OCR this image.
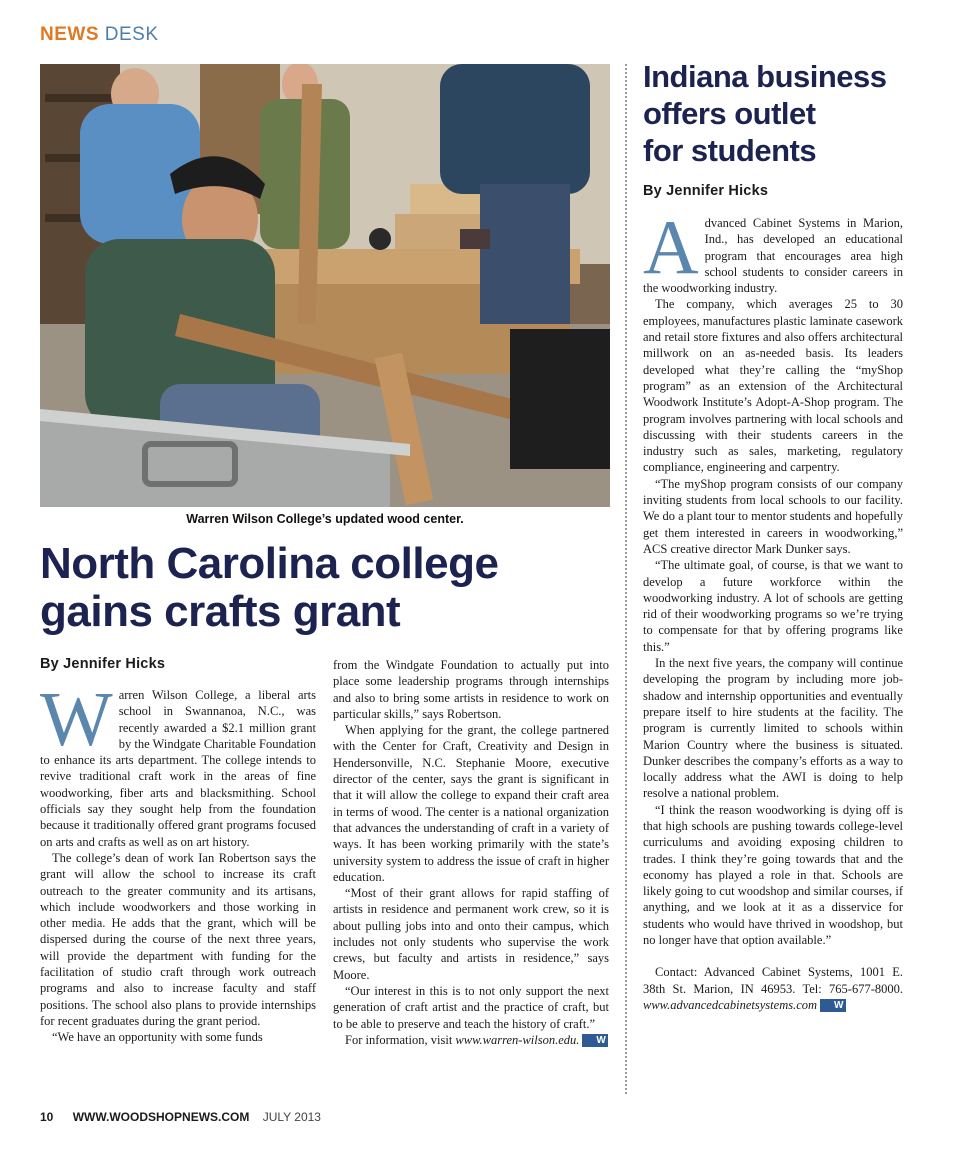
NEWS DESK
Warren Wilson College’s updated wood center.
North Carolina college
gains crafts grant
By Jennifer Hicks

Warren Wilson College, a liberal arts school in Swannanoa, N.C., was recently awarded a $2.1 million grant by the Windgate Charitable Foundation to enhance its arts department. The college intends to revive traditional craft work in the areas of fine woodworking, fiber arts and blacksmithing. School officials say they sought help from the foundation because it traditionally offered grant programs focused on arts and crafts as well as on art history.

The college’s dean of work Ian Robertson says the grant will allow the school to increase its craft outreach to the greater community and its artisans, which include woodworkers and those working in other media. He adds that the grant, which will be dispersed during the course of the next three years, will provide the department with funding for the facilitation of studio craft through work outreach programs and also to increase faculty and staff positions. The school also plans to provide internships for recent graduates during the grant period.

“We have an opportunity with some funds

from the Windgate Foundation to actually put into place some leadership programs through internships and also to bring some artists in residence to work on particular skills,” says Robertson.

When applying for the grant, the college partnered with the Center for Craft, Creativity and Design in Hendersonville, N.C. Stephanie Moore, executive director of the center, says the grant is significant in that it will allow the college to expand their craft area in terms of wood. The center is a national organization that advances the understanding of craft in a variety of ways. It has been working primarily with the state’s university system to address the issue of craft in higher education.

“Most of their grant allows for rapid staffing of artists in residence and permanent work crew, so it is about pulling jobs into and onto their campus, which includes not only students who supervise the work crews, but faculty and artists in residence,” says Moore.

“Our interest in this is to not only support the next generation of craft artist and the practice of craft, but to be able to preserve and teach the history of craft.”

For information, visit www.warren-wilson.edu. W

Indiana business
offers outlet
for students
By Jennifer Hicks

Advanced Cabinet Systems in Marion, Ind., has developed an educational program that encourages area high school students to consider careers in the woodworking industry.

The company, which averages 25 to 30 employees, manufactures plastic laminate casework and retail store fixtures and also offers architectural millwork on an as-needed basis. Its leaders developed what they’re calling the “myShop program” as an extension of the Architectural Woodwork Institute’s Adopt-A-Shop program. The program involves partnering with local schools and discussing with their students careers in the industry such as sales, marketing, regulatory compliance, engineering and carpentry.

“The myShop program consists of our company inviting students from local schools to our facility. We do a plant tour to mentor students and hopefully get them interested in careers in woodworking,” ACS creative director Mark Dunker says.

“The ultimate goal, of course, is that we want to develop a future workforce within the woodworking industry. A lot of schools are getting rid of their woodworking programs so we’re trying to compensate for that by offering programs like this.”

In the next five years, the company will continue developing the program by including more job-shadow and internship opportunities and eventually prepare itself to hire students at the facility. The program is currently limited to schools within Marion Country where the business is situated. Dunker describes the company’s efforts as a way to locally address what the AWI is doing to help resolve a national problem.

“I think the reason woodworking is dying off is that high schools are pushing towards college-level curriculums and avoiding exposing children to trades. I think they’re going towards that and the economy has played a role in that. Schools are likely going to cut woodshop and similar courses, if anything, and we look at it as a disservice for students who would have thrived in woodshop, but no longer have that option available.”

Contact: Advanced Cabinet Systems, 1001 E. 38th St. Marion, IN 46953. Tel: 765-677-8000. www.advancedcabinetsystems.com W

10 WWW.WOODSHOPNEWS.COM JULY 2013
